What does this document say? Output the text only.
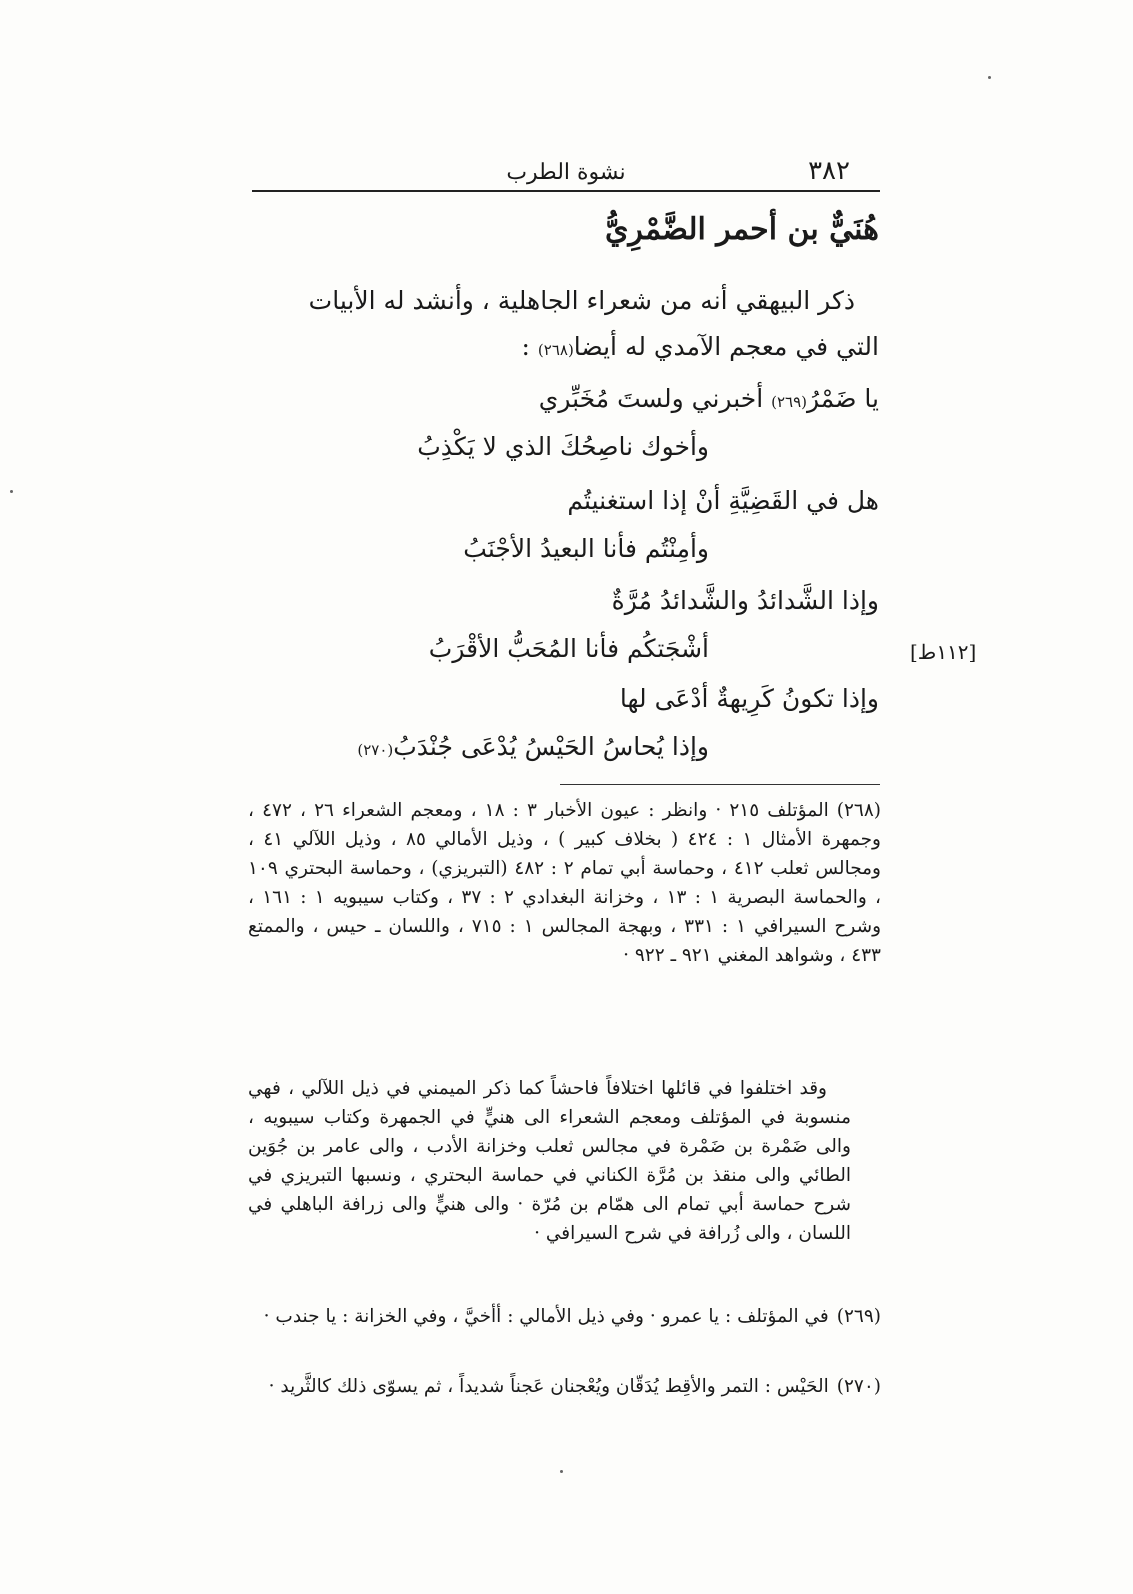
٣٨٢
نشوة الطرب
هُنَيٌّ بن أحمر الضَّمْرِيُّ
ذكر البيهقي أنه من شعراء الجاهلية ، وأنشد له الأبيات
التي في معجم الآمدي له أيضا(٢٦٨) :
يا ضَمْرُ(٢٦٩) أخبرني ولستَ مُخَبِّري
وأخوك ناصِحُكَ الذي لا يَكْذِبُ
هل في القَضِيَّةِ أنْ إذا استغنيتُم
وأمِنْتُم فأنا البعيدُ الأجْنَبُ
وإذا الشَّدائدُ والشَّدائدُ مُرَّةٌ
أشْجَتكُم فأنا المُحَبُّ الأقْرَبُ
وإذا تكونُ كَرِيهةٌ أدْعَى لها
وإذا يُحاسُ الحَيْسُ يُدْعَى جُنْدَبُ(٢٧٠)
[١١٢ط]

(٢٦٨)المؤتلف ٢١٥ · وانظر : عيون الأخبار ٣ : ١٨ ، ومعجم الشعراء ٢٦ ، ٤٧٢ ، وجمهرة الأمثال ١ : ٤٢٤ ( بخلاف كبير ) ، وذيل الأمالي ٨٥ ، وذيل اللآلي ٤١ ، ومجالس ثعلب ٤١٢ ، وحماسة أبي تمام ٢ : ٤٨٢ (التبريزي) ، وحماسة البحتري ١٠٩ ، والحماسة البصرية ١ : ١٣ ، وخزانة البغدادي ٢ : ٣٧ ، وكتاب سيبويه ١ : ١٦١ ، وشرح السيرافي ١ : ٣٣١ ، وبهجة المجالس ١ : ٧١٥ ، واللسان ـ حيس ، والممتع ٤٣٣ ، وشواهد المغني ٩٢١ ـ ٩٢٢ ·

وقد اختلفوا في قائلها اختلافاً فاحشاً كما ذكر الميمني في ذيل اللآلي ، فهي منسوبة في المؤتلف ومعجم الشعراء الى هنيٍّ في الجمهرة وكتاب سيبويه ، والى ضَمْرة بن ضَمْرة في مجالس ثعلب وخزانة الأدب ، والى عامر بن جُوَين الطائي والى منقذ بن مُرَّة الكناني في حماسة البحتري ، ونسبها التبريزي في شرح حماسة أبي تمام الى همّام بن مُرّة · والى هنيٍّ والى زرافة الباهلي في اللسان ، والى زُرافة في شرح السيرافي ·

(٢٦٩)في المؤتلف : يا عمرو · وفي ذيل الأمالي : أأخيَّ ، وفي الخزانة : يا جندب ·

(٢٧٠)الحَيْس : التمر والأقِط يُدَقّان ويُعْجنان عَجناً شديداً ، ثم يسوّى ذلك كالثَّريد ·
